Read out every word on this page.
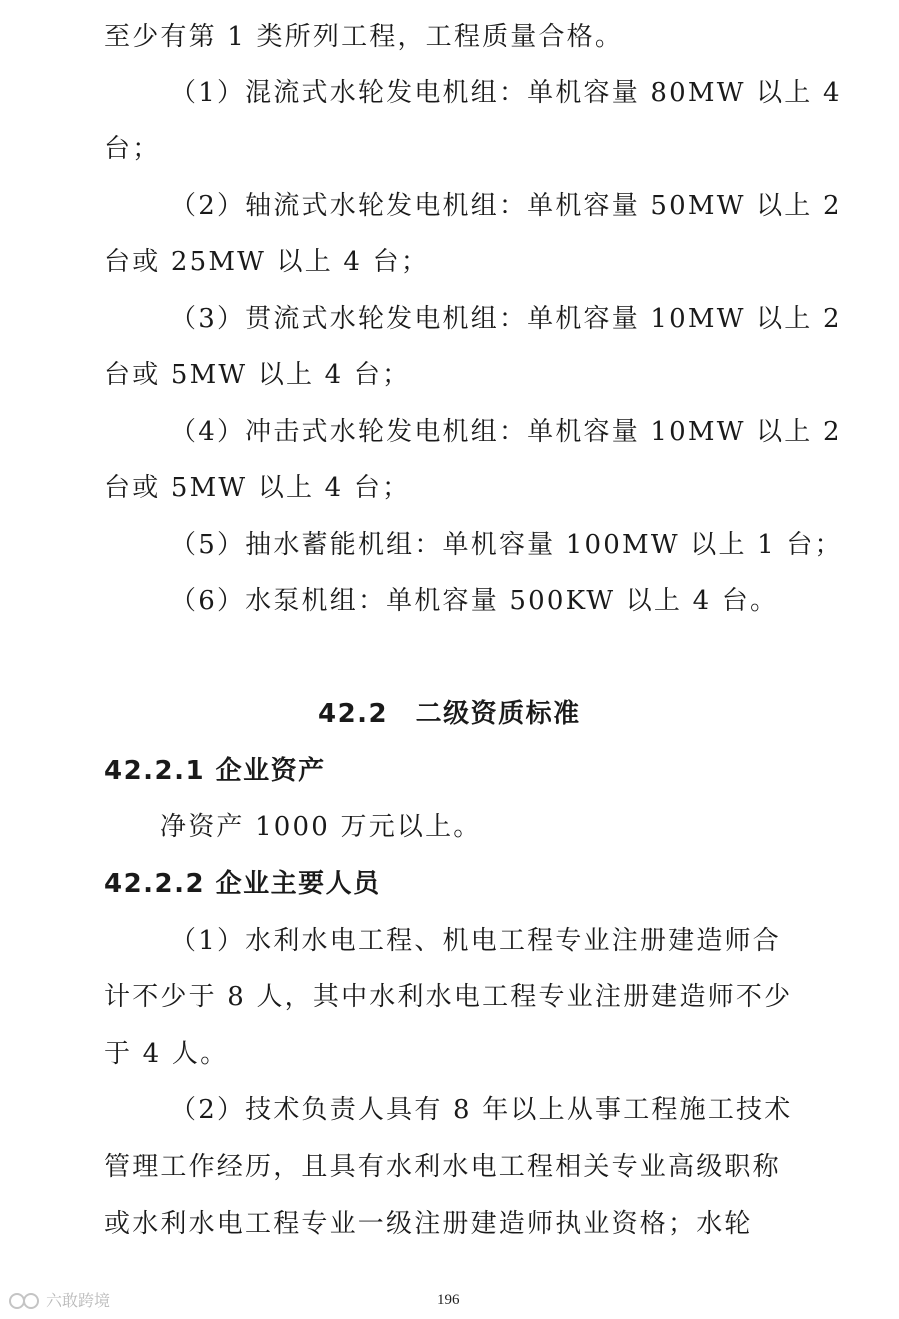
至少有第 1 类所列工程，工程质量合格。
（1）混流式水轮发电机组：单机容量 80MW 以上 4
台；
（2）轴流式水轮发电机组：单机容量 50MW 以上 2
台或 25MW 以上 4 台；
（3）贯流式水轮发电机组：单机容量 10MW 以上 2
台或 5MW 以上 4 台；
（4）冲击式水轮发电机组：单机容量 10MW 以上 2
台或 5MW 以上 4 台；
（5）抽水蓄能机组：单机容量 100MW 以上 1 台；
（6）水泵机组：单机容量 500KW 以上 4 台。
42.2　二级资质标准
42.2.1 企业资产
净资产 1000 万元以上。
42.2.2 企业主要人员
（1）水利水电工程、机电工程专业注册建造师合
计不少于 8 人，其中水利水电工程专业注册建造师不少
于 4 人。
（2）技术负责人具有 8 年以上从事工程施工技术
管理工作经历，且具有水利水电工程相关专业高级职称
或水利水电工程专业一级注册建造师执业资格；水轮
196
六敢跨境
